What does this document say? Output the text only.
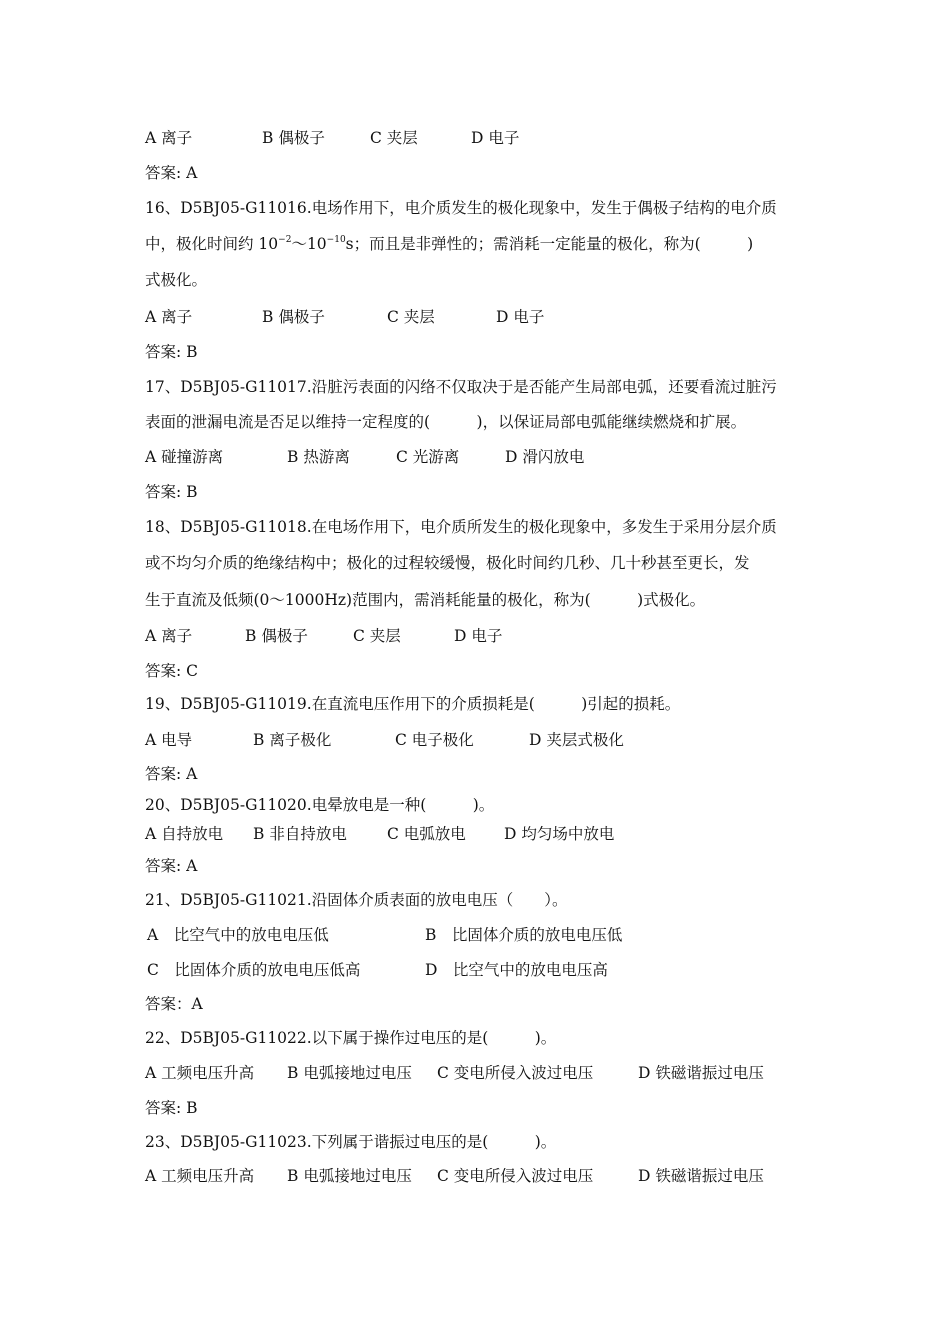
A 离子	B 偶极子	C 夹层	D 电子
答案: A
16、D5BJ05-G11016.电场作用下，电介质发生的极化现象中，发生于偶极子结构的电介质
中，极化时间约 $10^{-2}\sim 10^{-10}s$；而且是非弹性的；需消耗一定能量的极化，称为(　　　)
式极化。
A 离子	B 偶极子	C 夹层	D 电子
答案: B
17、D5BJ05-G11017.沿脏污表面的闪络不仅取决于是否能产生局部电弧，还要看流过脏污
表面的泄漏电流是否足以维持一定程度的(　　　)，以保证局部电弧能继续燃烧和扩展。
A 碰撞游离	B 热游离	C 光游离	D 滑闪放电
答案: B
18、D5BJ05-G11018.在电场作用下，电介质所发生的极化现象中，多发生于采用分层介质
或不均匀介质的绝缘结构中；极化的过程较缓慢，极化时间约几秒、几十秒甚至更长，发
生于直流及低频(0～1000Hz)范围内，需消耗能量的极化，称为(　　　)式极化。
A 离子	B 偶极子	C 夹层	D 电子
答案: C
19、D5BJ05-G11019.在直流电压作用下的介质损耗是(　　　)引起的损耗。
A 电导	B 离子极化	C 电子极化	D 夹层式极化
答案: A
20、D5BJ05-G11020.电晕放电是一种(　　　)。
A 自持放电 B 非自持放电	C 电弧放电 D 均匀场中放电
答案: A
21、D5BJ05-G11021.沿固体介质表面的放电电压（　　）。
A　比空气中的放电电压低	B　比固体介质的放电电压低
C　比固体介质的放电电压低高	D　比空气中的放电电压高
答案：A
22、D5BJ05-G11022.以下属于操作过电压的是(　　　)。
A 工频电压升高 B 电弧接地过电压 C 变电所侵入波过电压	D 铁磁谐振过电压
答案: B
23、D5BJ05-G11023.下列属于谐振过电压的是(　　　)。
A 工频电压升高 B 电弧接地过电压 C 变电所侵入波过电压	D 铁磁谐振过电压
